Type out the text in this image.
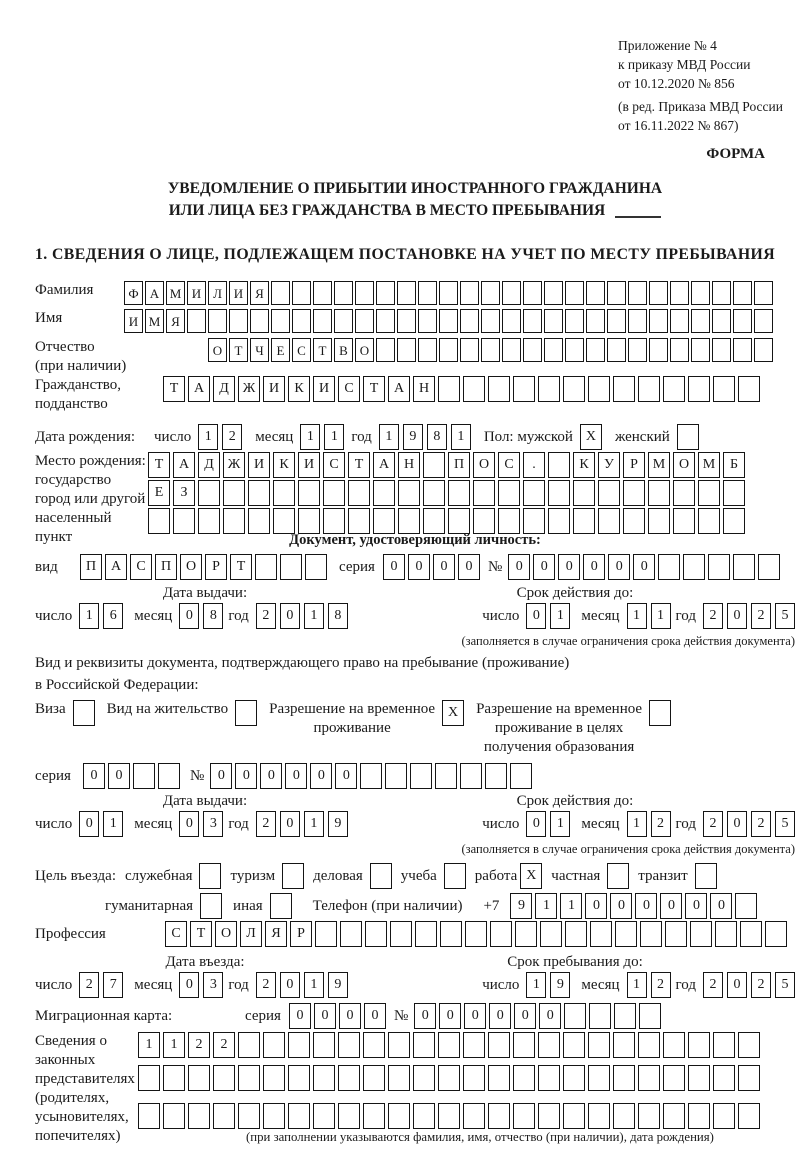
Приложение № 4
к приказу МВД России
от 10.12.2020 № 856
(в ред. Приказа МВД России
от 16.11.2022 № 867)
ФОРМА
УВЕДОМЛЕНИЕ О ПРИБЫТИИ ИНОСТРАННОГО ГРАЖДАНИНА
ИЛИ ЛИЦА БЕЗ ГРАЖДАНСТВА В МЕСТО ПРЕБЫВАНИЯ
1. СВЕДЕНИЯ О ЛИЦЕ, ПОДЛЕЖАЩЕМ ПОСТАНОВКЕ НА УЧЕТ ПО МЕСТУ ПРЕБЫВАНИЯ
Фамилия	Ф А М И Л И Я
Имя	И М Я
Отчество
(при наличии)
О Т Ч Е С Т В О
Гражданство,
подданство
Т	А	Д Ж И	К	И	С	Т	А	Н
Дата рождения:	число 1	2	месяц 1	1 год 1	9	8	1	Пол: мужской X	женский
Место рождения:
государство
город или другой
населенный пункт
Т	А	Д Ж И	К	И	С	Т	А	Н	П	О	С	.	К	У	Р	М О М	Б

Е	З

Документ, удостоверяющий личность:
вид	П	А	С	П	О	Р	Т	серия	0	0	0	0	№ 0	0	0	0	0	0
Дата выдачи:	Срок действия до:
число 1	6	месяц 0	8 год 2	0	1	8	число 0	1	месяц 1	1 год 2	0	2	5
(заполняется в случае ограничения срока действия документа)
Вид и реквизиты документа, подтверждающего право на пребывание (проживание)
в Российской Федерации:
Виза	Вид на жительство	Разрешение на временное
проживание
X	Разрешение на временное
проживание в целях
получения образования
серия	0	0	№ 0	0	0	0	0	0
Дата выдачи:	Срок действия до:
число 0	1	месяц 0	3 год 2	0	1	9	число 0	1	месяц 1	2 год 2	0	2	5
(заполняется в случае ограничения срока действия документа)
Цель въезда: служебная	туризм	деловая	учеба	работа X частная	транзит
гуманитарная	иная	Телефон (при наличии) +7	9	1	1	0	0	0	0	0	0
Профессия	С	Т	О	Л	Я	Р
Дата въезда:	Срок пребывания до:
число 2	7	месяц 0	3 год 2	0	1	9	число 1	9	месяц 1	2 год 2	0	2	5
Миграционная карта:	серия	0	0	0	0	№ 0	0	0	0	0	0
Сведения о
законных
представителях
(родителях,
усыновителях,
попечителях)
1	1	2	2

(при заполнении указываются фамилия, имя, отчество (при наличии), дата рождения)
